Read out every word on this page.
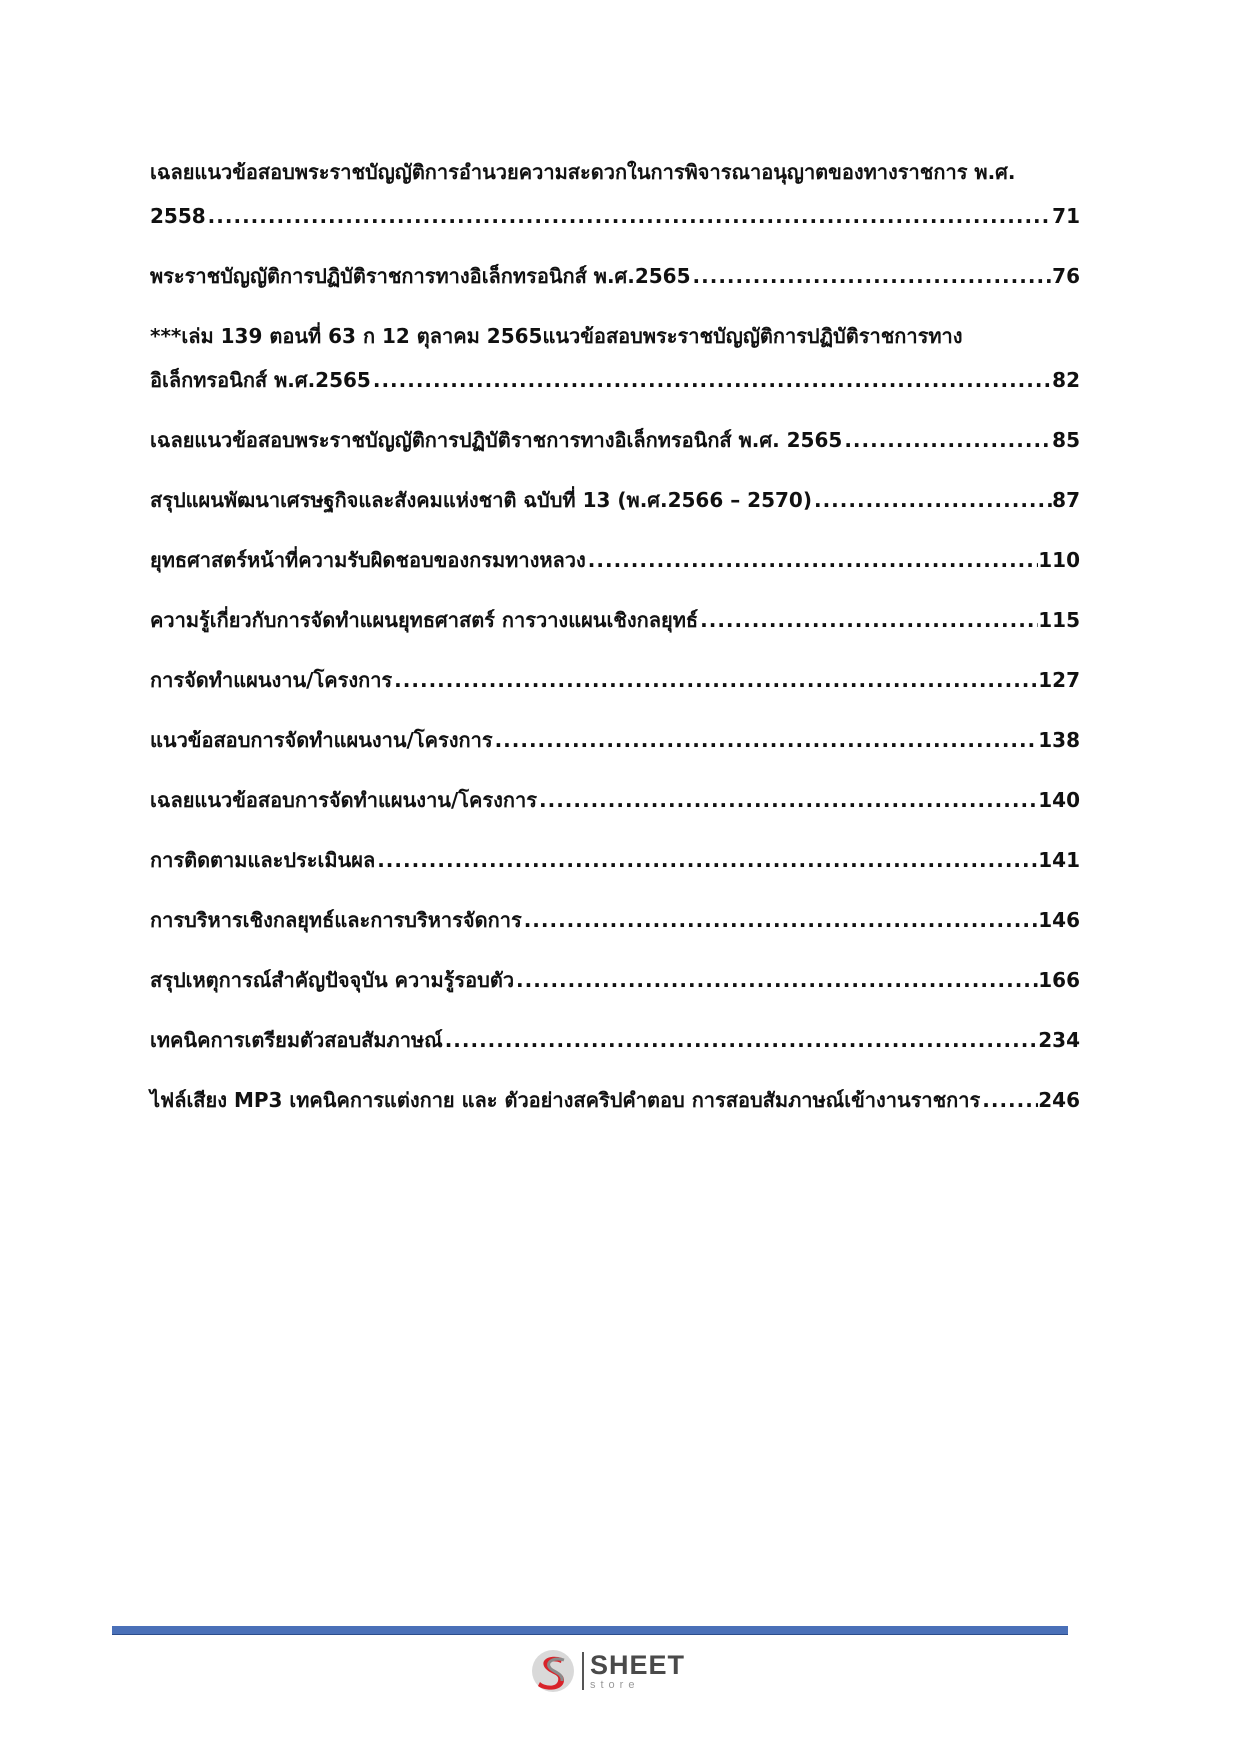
เฉลยแนวข้อสอบพระราชบัญญัติการอำนวยความสะดวกในการพิจารณาอนุญาตของทางราชการ พ.ศ.
2558 .....	71
พระราชบัญญัติการปฏิบัติราชการทางอิเล็กทรอนิกส์ พ.ศ.2565 .....	76
***เล่ม 139 ตอนที่ 63 ก 12 ตุลาคม 2565แนวข้อสอบพระราชบัญญัติการปฏิบัติราชการทาง
อิเล็กทรอนิกส์ พ.ศ.2565 .....	82
เฉลยแนวข้อสอบพระราชบัญญัติการปฏิบัติราชการทางอิเล็กทรอนิกส์ พ.ศ. 2565 .....	85
สรุปแผนพัฒนาเศรษฐกิจและสังคมแห่งชาติ ฉบับที่ 13 (พ.ศ.2566 – 2570) .....	87
ยุทธศาสตร์หน้าที่ความรับผิดชอบของกรมทางหลวง .....	110
ความรู้เกี่ยวกับการจัดทำแผนยุทธศาสตร์ การวางแผนเชิงกลยุทธ์ .....	115
การจัดทำแผนงาน/โครงการ .....	127
แนวข้อสอบการจัดทำแผนงาน/โครงการ .....	138
เฉลยแนวข้อสอบการจัดทำแผนงาน/โครงการ .....	140
การติดตามและประเมินผล .....	141
การบริหารเชิงกลยุทธ์และการบริหารจัดการ .....	146
สรุปเหตุการณ์สำคัญปัจจุบัน ความรู้รอบตัว .....	166
เทคนิคการเตรียมตัวสอบสัมภาษณ์ .....	234
ไฟล์เสียง MP3 เทคนิคการแต่งกาย และ ตัวอย่างสคริปคำตอบ การสอบสัมภาษณ์เข้างานราชการ .....	246
SHEET
store
